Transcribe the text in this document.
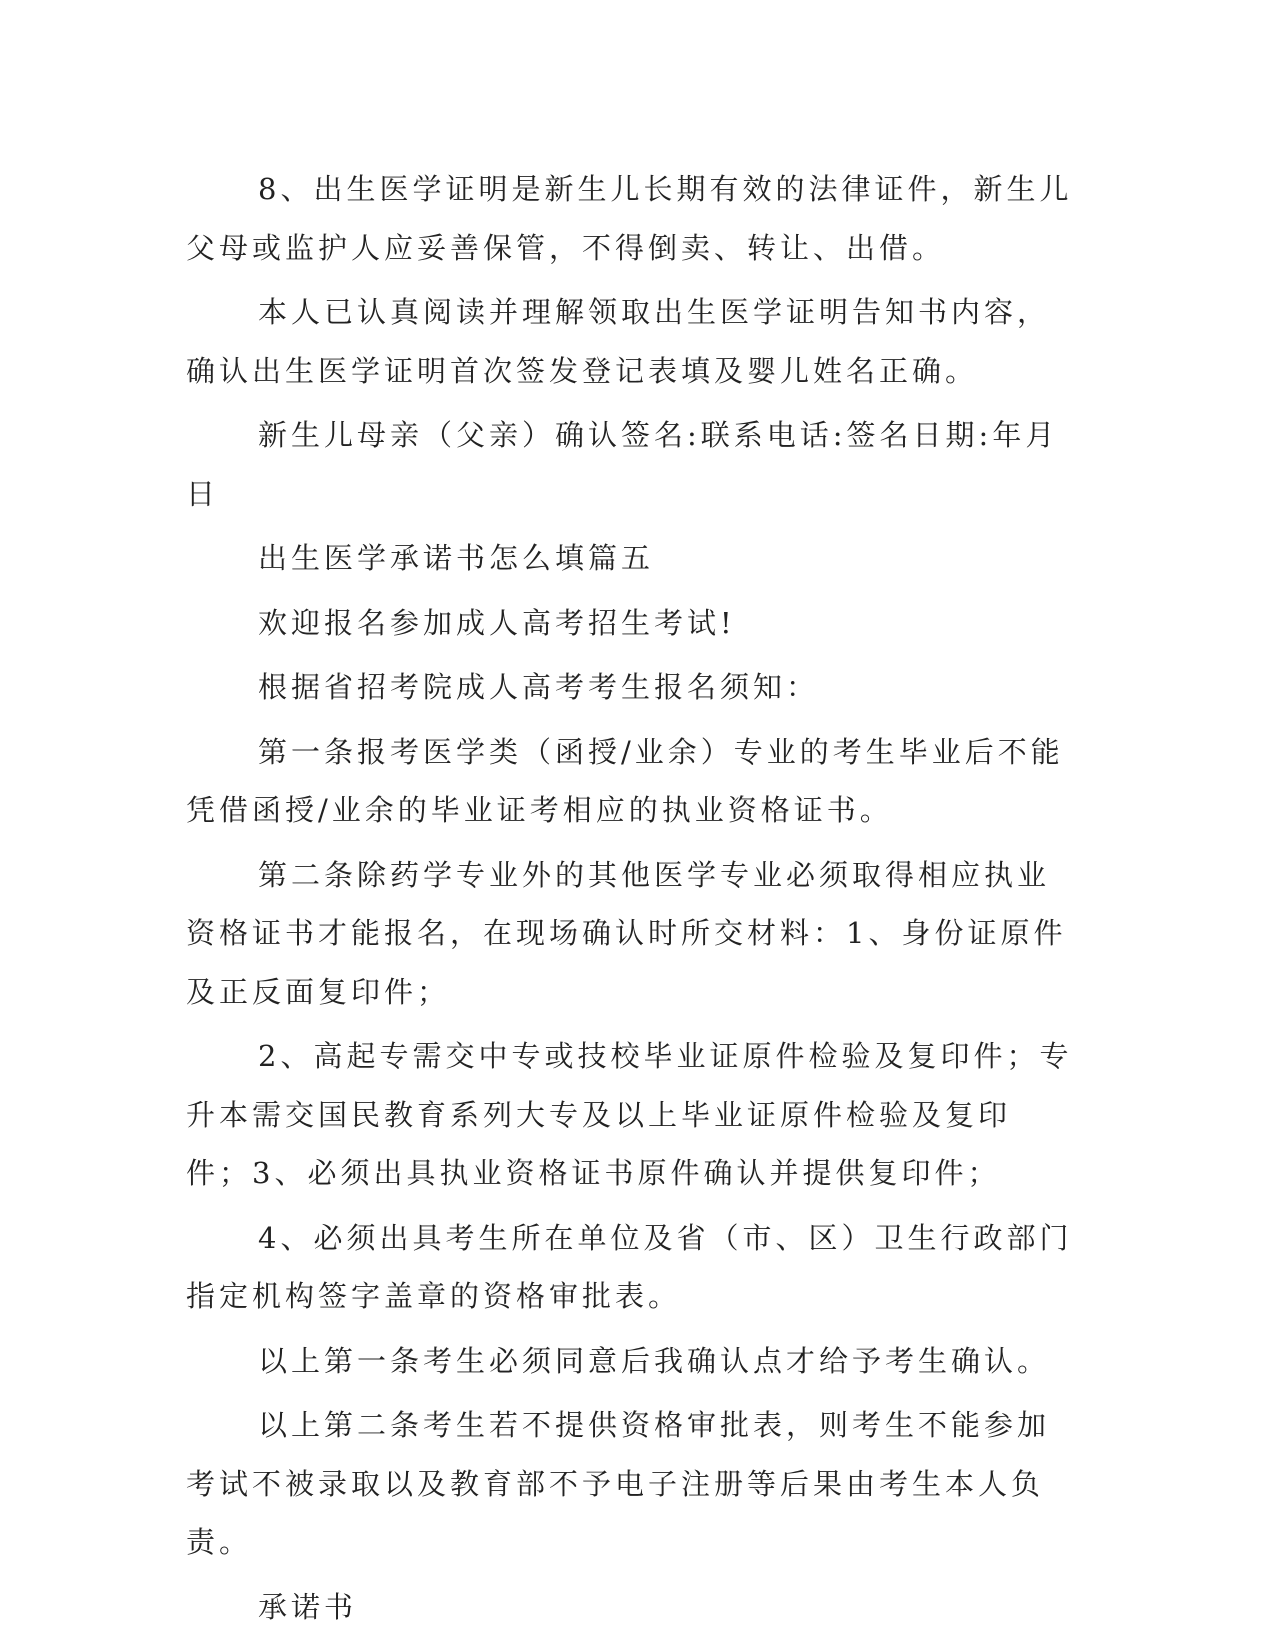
8、出生医学证明是新生儿长期有效的法律证件，新生儿父母或监护人应妥善保管，不得倒卖、转让、出借。

本人已认真阅读并理解领取出生医学证明告知书内容，确认出生医学证明首次签发登记表填及婴儿姓名正确。

新生儿母亲（父亲）确认签名:联系电话:签名日期:年月日

出生医学承诺书怎么填篇五

欢迎报名参加成人高考招生考试!

根据省招考院成人高考考生报名须知：

第一条报考医学类（函授/业余）专业的考生毕业后不能凭借函授/业余的毕业证考相应的执业资格证书。

第二条除药学专业外的其他医学专业必须取得相应执业资格证书才能报名，在现场确认时所交材料：1、身份证原件及正反面复印件；

2、高起专需交中专或技校毕业证原件检验及复印件；专升本需交国民教育系列大专及以上毕业证原件检验及复印件；3、必须出具执业资格证书原件确认并提供复印件；

4、必须出具考生所在单位及省（市、区）卫生行政部门指定机构签字盖章的资格审批表。

以上第一条考生必须同意后我确认点才给予考生确认。

以上第二条考生若不提供资格审批表，则考生不能参加考试不被录取以及教育部不予电子注册等后果由考生本人负责。

承诺书
